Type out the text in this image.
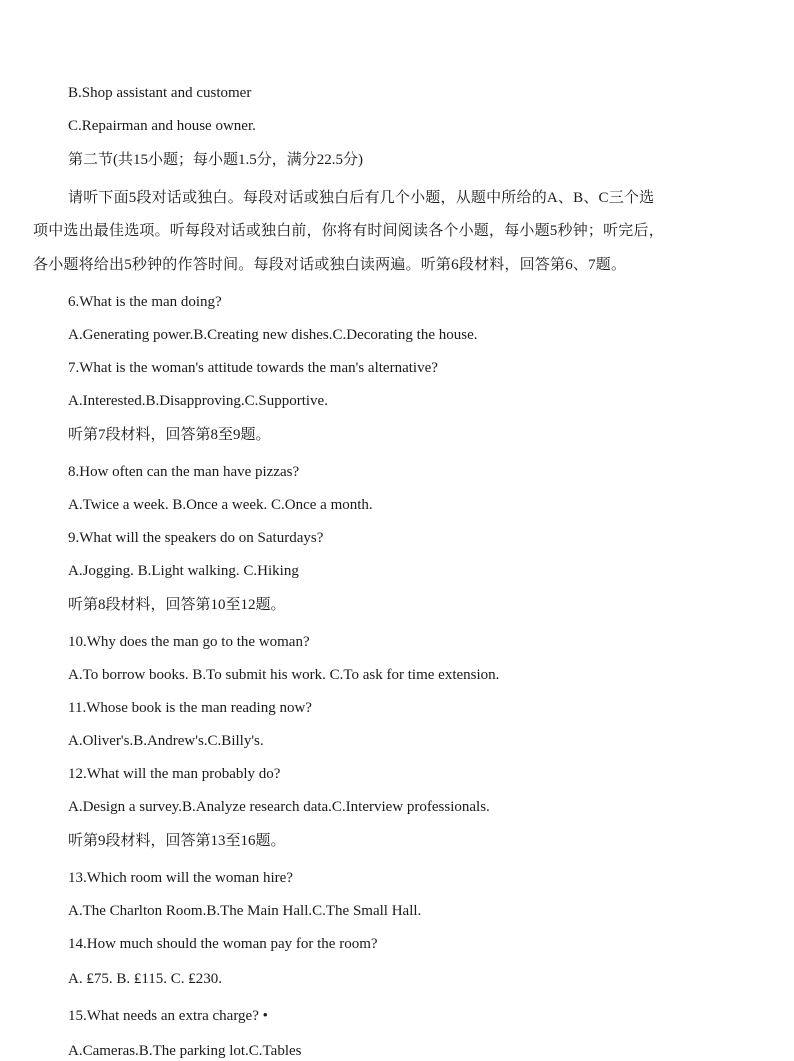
B.Shop assistant and customer
C.Repairman and house owner.
第二节(共15小题；每小题1.5分，满分22.5分)
请听下面5段对话或独白。每段对话或独白后有几个小题，从题中所给的A、B、C三个选
项中选出最佳选项。听每段对话或独白前，你将有时间阅读各个小题，每小题5秒钟；听完后，
各小题将给出5秒钟的作答时间。每段对话或独白读两遍。听第6段材料，回答第6、7题。
6.What is the man doing?
A.Generating power.B.Creating new dishes.C.Decorating the house.
7.What is the woman's attitude towards the man's alternative?
A.Interested.B.Disapproving.C.Supportive.
听第7段材料，回答第8至9题。
8.How often can the man have pizzas?
A.Twice a week. B.Once a week. C.Once a month.
9.What will the speakers do on Saturdays?
A.Jogging. B.Light walking. C.Hiking
听第8段材料，回答第10至12题。
10.Why does the man go to the woman?
A.To borrow books. B.To submit his work. C.To ask for time extension.
11.Whose book is the man reading now?
A.Oliver's.B.Andrew's.C.Billy's.
12.What will the man probably do?
A.Design a survey.B.Analyze research data.C.Interview professionals.
听第9段材料，回答第13至16题。
13.Which room will the woman hire?
A.The Charlton Room.B.The Main Hall.C.The Small Hall.
14.How much should the woman pay for the room?
A. ₤75. B. ₤115. C. ₤230.
15.What needs an extra charge? •
A.Cameras.B.The parking lot.C.Tables
